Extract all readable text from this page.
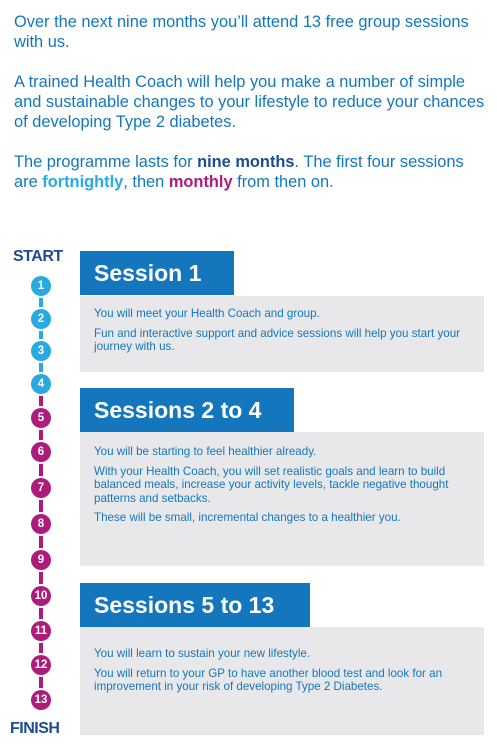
Over the next nine months you’ll attend 13 free group sessions with us.

A trained Health Coach will help you make a number of simple and sustainable changes to your lifestyle to reduce your chances of developing Type 2 diabetes.

The programme lasts for nine months. The first four sessions are fortnightly, then monthly from then on.

START
1
2
3
4
5
6
7
8
9
10
11
12
13
FINISH
Session 1
Sessions 2 to 4
Sessions 5 to 13

You will meet your Health Coach and group.

Fun and interactive support and advice sessions will help you start your journey with us.

You will be starting to feel healthier already.

With your Health Coach, you will set realistic goals and learn to build balanced meals, increase your activity levels, tackle negative thought patterns and setbacks.

These will be small, incremental changes to a healthier you.

You will learn to sustain your new lifestyle.

You will return to your GP to have another blood test and look for an improvement in your risk of developing Type 2 Diabetes.
